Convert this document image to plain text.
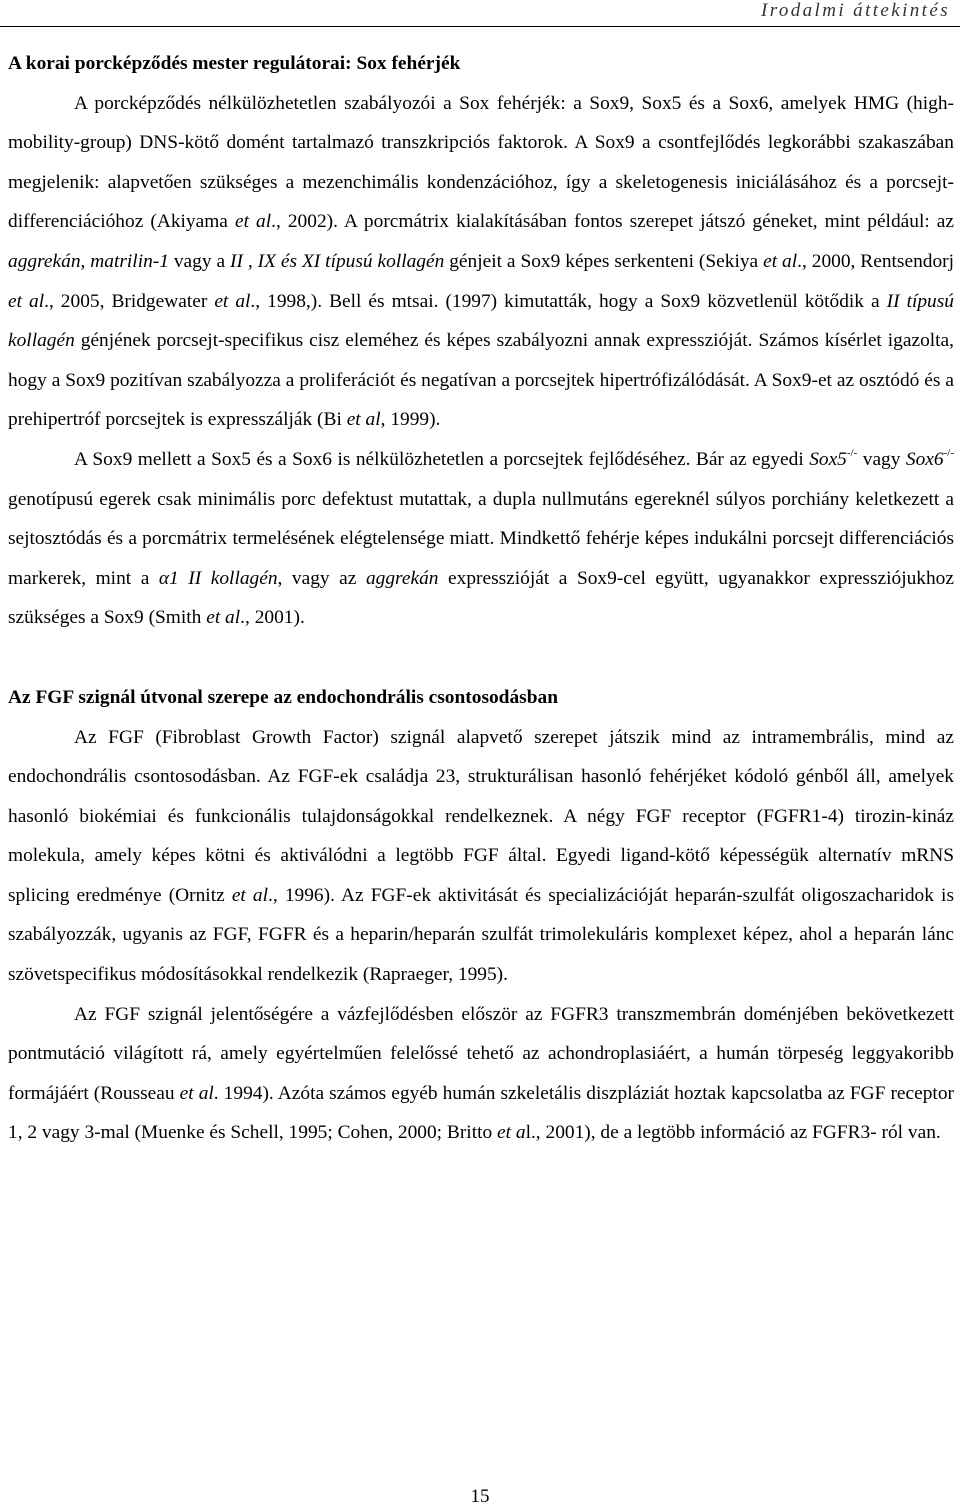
Irodalmi áttekintés
A korai porcképződés mester regulátorai: Sox fehérjék

A porcképződés nélkülözhetetlen szabályozói a Sox fehérjék: a Sox9, Sox5 és a Sox6, amelyek HMG (high-mobility-group) DNS-kötő domént tartalmazó transzkripciós faktorok. A Sox9 a csontfejlődés legkorábbi szakaszában megjelenik: alapvetően szükséges a mezenchimális kondenzációhoz, így a skeletogenesis iniciálásához és a porcsejt-differenciációhoz (Akiyama et al., 2002). A porcmátrix kialakításában fontos szerepet játszó géneket, mint például: az aggrekán, matrilin-1 vagy a II , IX és XI típusú kollagén génjeit a Sox9 képes serkenteni (Sekiya et al., 2000, Rentsendorj et al., 2005, Bridgewater et al., 1998,). Bell és mtsai. (1997) kimutatták, hogy a Sox9 közvetlenül kötődik a II típusú kollagén génjének porcsejt-specifikus cisz eleméhez és képes szabályozni annak expresszióját. Számos kísérlet igazolta, hogy a Sox9 pozitívan szabályozza a proliferációt és negatívan a porcsejtek hipertrófizálódását. A Sox9-et az osztódó és a prehipertróf porcsejtek is expresszálják (Bi et al, 1999).

A Sox9 mellett a Sox5 és a Sox6 is nélkülözhetetlen a porcsejtek fejlődéséhez. Bár az egyedi Sox5-/- vagy Sox6-/- genotípusú egerek csak minimális porc defektust mutattak, a dupla nullmutáns egereknél súlyos porchiány keletkezett a sejtosztódás és a porcmátrix termelésének elégtelensége miatt. Mindkettő fehérje képes indukálni porcsejt differenciációs markerek, mint a α1 II kollagén, vagy az aggrekán expresszióját a Sox9-cel együtt, ugyanakkor expressziójukhoz szükséges a Sox9 (Smith et al., 2001).

Az FGF szignál útvonal szerepe az endochondrális csontosodásban

Az FGF (Fibroblast Growth Factor) szignál alapvető szerepet játszik mind az intramembrális, mind az endochondrális csontosodásban. Az FGF-ek családja 23, strukturálisan hasonló fehérjéket kódoló génből áll, amelyek hasonló biokémiai és funkcionális tulajdonságokkal rendelkeznek. A négy FGF receptor (FGFR1-4) tirozin-kináz molekula, amely képes kötni és aktiválódni a legtöbb FGF által. Egyedi ligand-kötő képességük alternatív mRNS splicing eredménye (Ornitz et al., 1996). Az FGF-ek aktivitását és specializációját heparán-szulfát oligoszacharidok is szabályozzák, ugyanis az FGF, FGFR és a heparin/heparán szulfát trimolekuláris komplexet képez, ahol a heparán lánc szövetspecifikus módosításokkal rendelkezik (Rapraeger, 1995).

Az FGF szignál jelentőségére a vázfejlődésben először az FGFR3 transzmembrán doménjében bekövetkezett pontmutáció világított rá, amely egyértelműen felelőssé tehető az achondroplasiáért, a humán törpeség leggyakoribb formájáért (Rousseau et al. 1994). Azóta számos egyéb humán szkeletális diszpláziát hoztak kapcsolatba az FGF receptor 1, 2 vagy 3-mal (Muenke és Schell, 1995; Cohen, 2000; Britto et al., 2001), de a legtöbb információ az FGFR3- ról van.

15
